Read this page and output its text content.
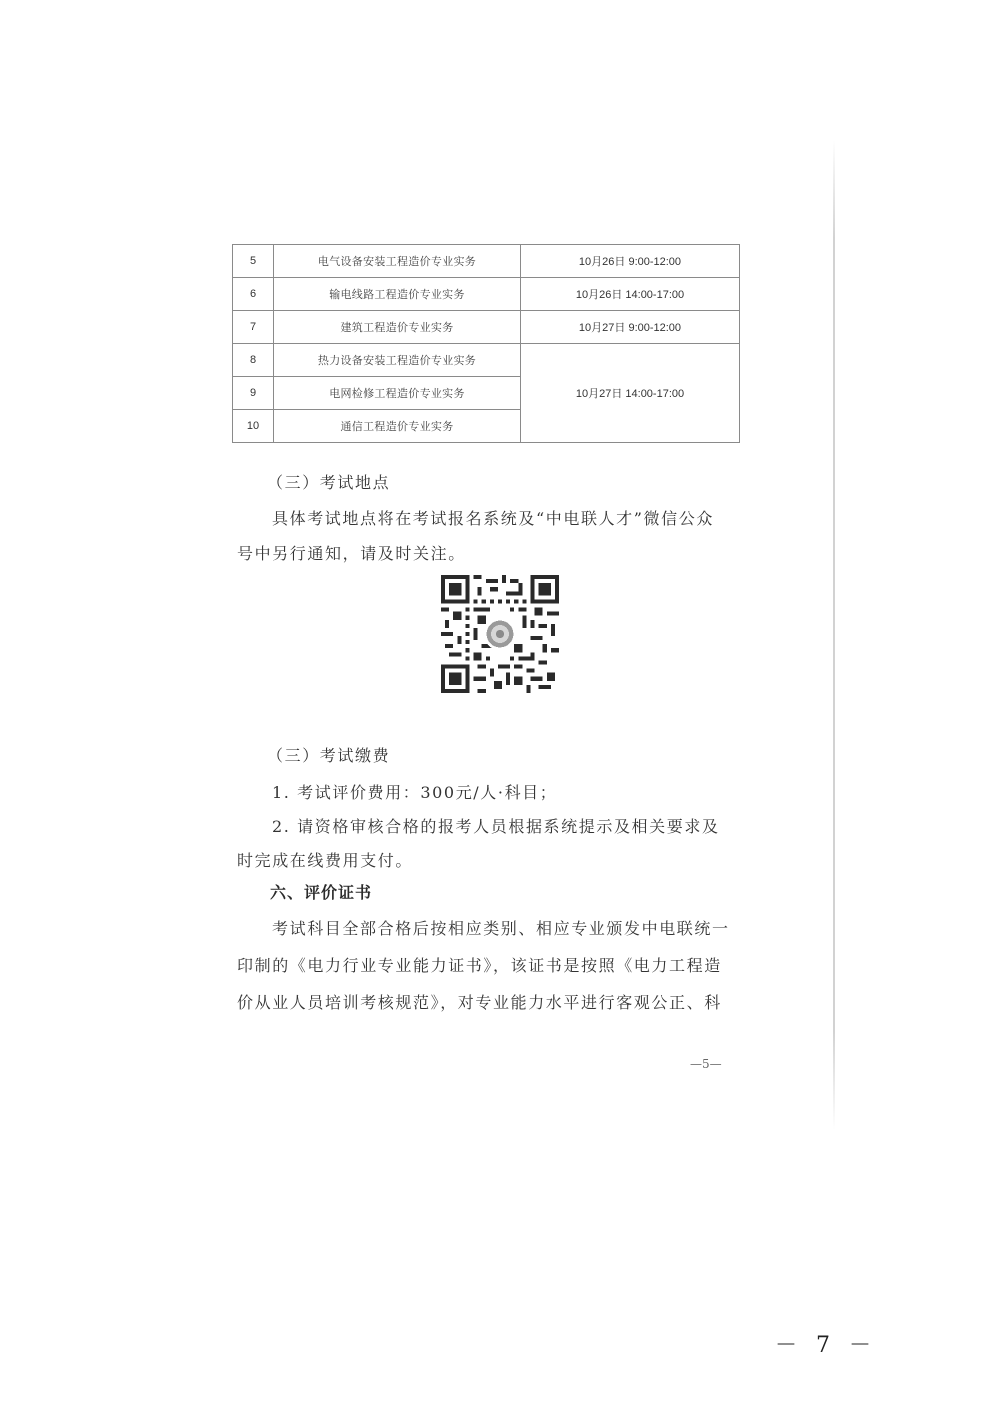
5	电气设备安装工程造价专业实务	10月26日 9:00-12:00
6	输电线路工程造价专业实务	10月26日 14:00-17:00
7	建筑工程造价专业实务	10月27日 9:00-12:00
8	热力设备安装工程造价专业实务	10月27日 14:00-17:00
9	电网检修工程造价专业实务	
10	通信工程造价专业实务	

（三）考试地点

具体考试地点将在考试报名系统及“中电联人才”微信公众

号中另行通知，请及时关注。

（三）考试缴费

1. 考试评价费用：300元/人·科目；

2. 请资格审核合格的报考人员根据系统提示及相关要求及

时完成在线费用支付。

六、评价证书

考试科目全部合格后按相应类别、相应专业颁发中电联统一

印制的《电力行业专业能力证书》，该证书是按照《电力工程造

价从业人员培训考核规范》，对专业能力水平进行客观公正、科

—5—

－ 7 －
